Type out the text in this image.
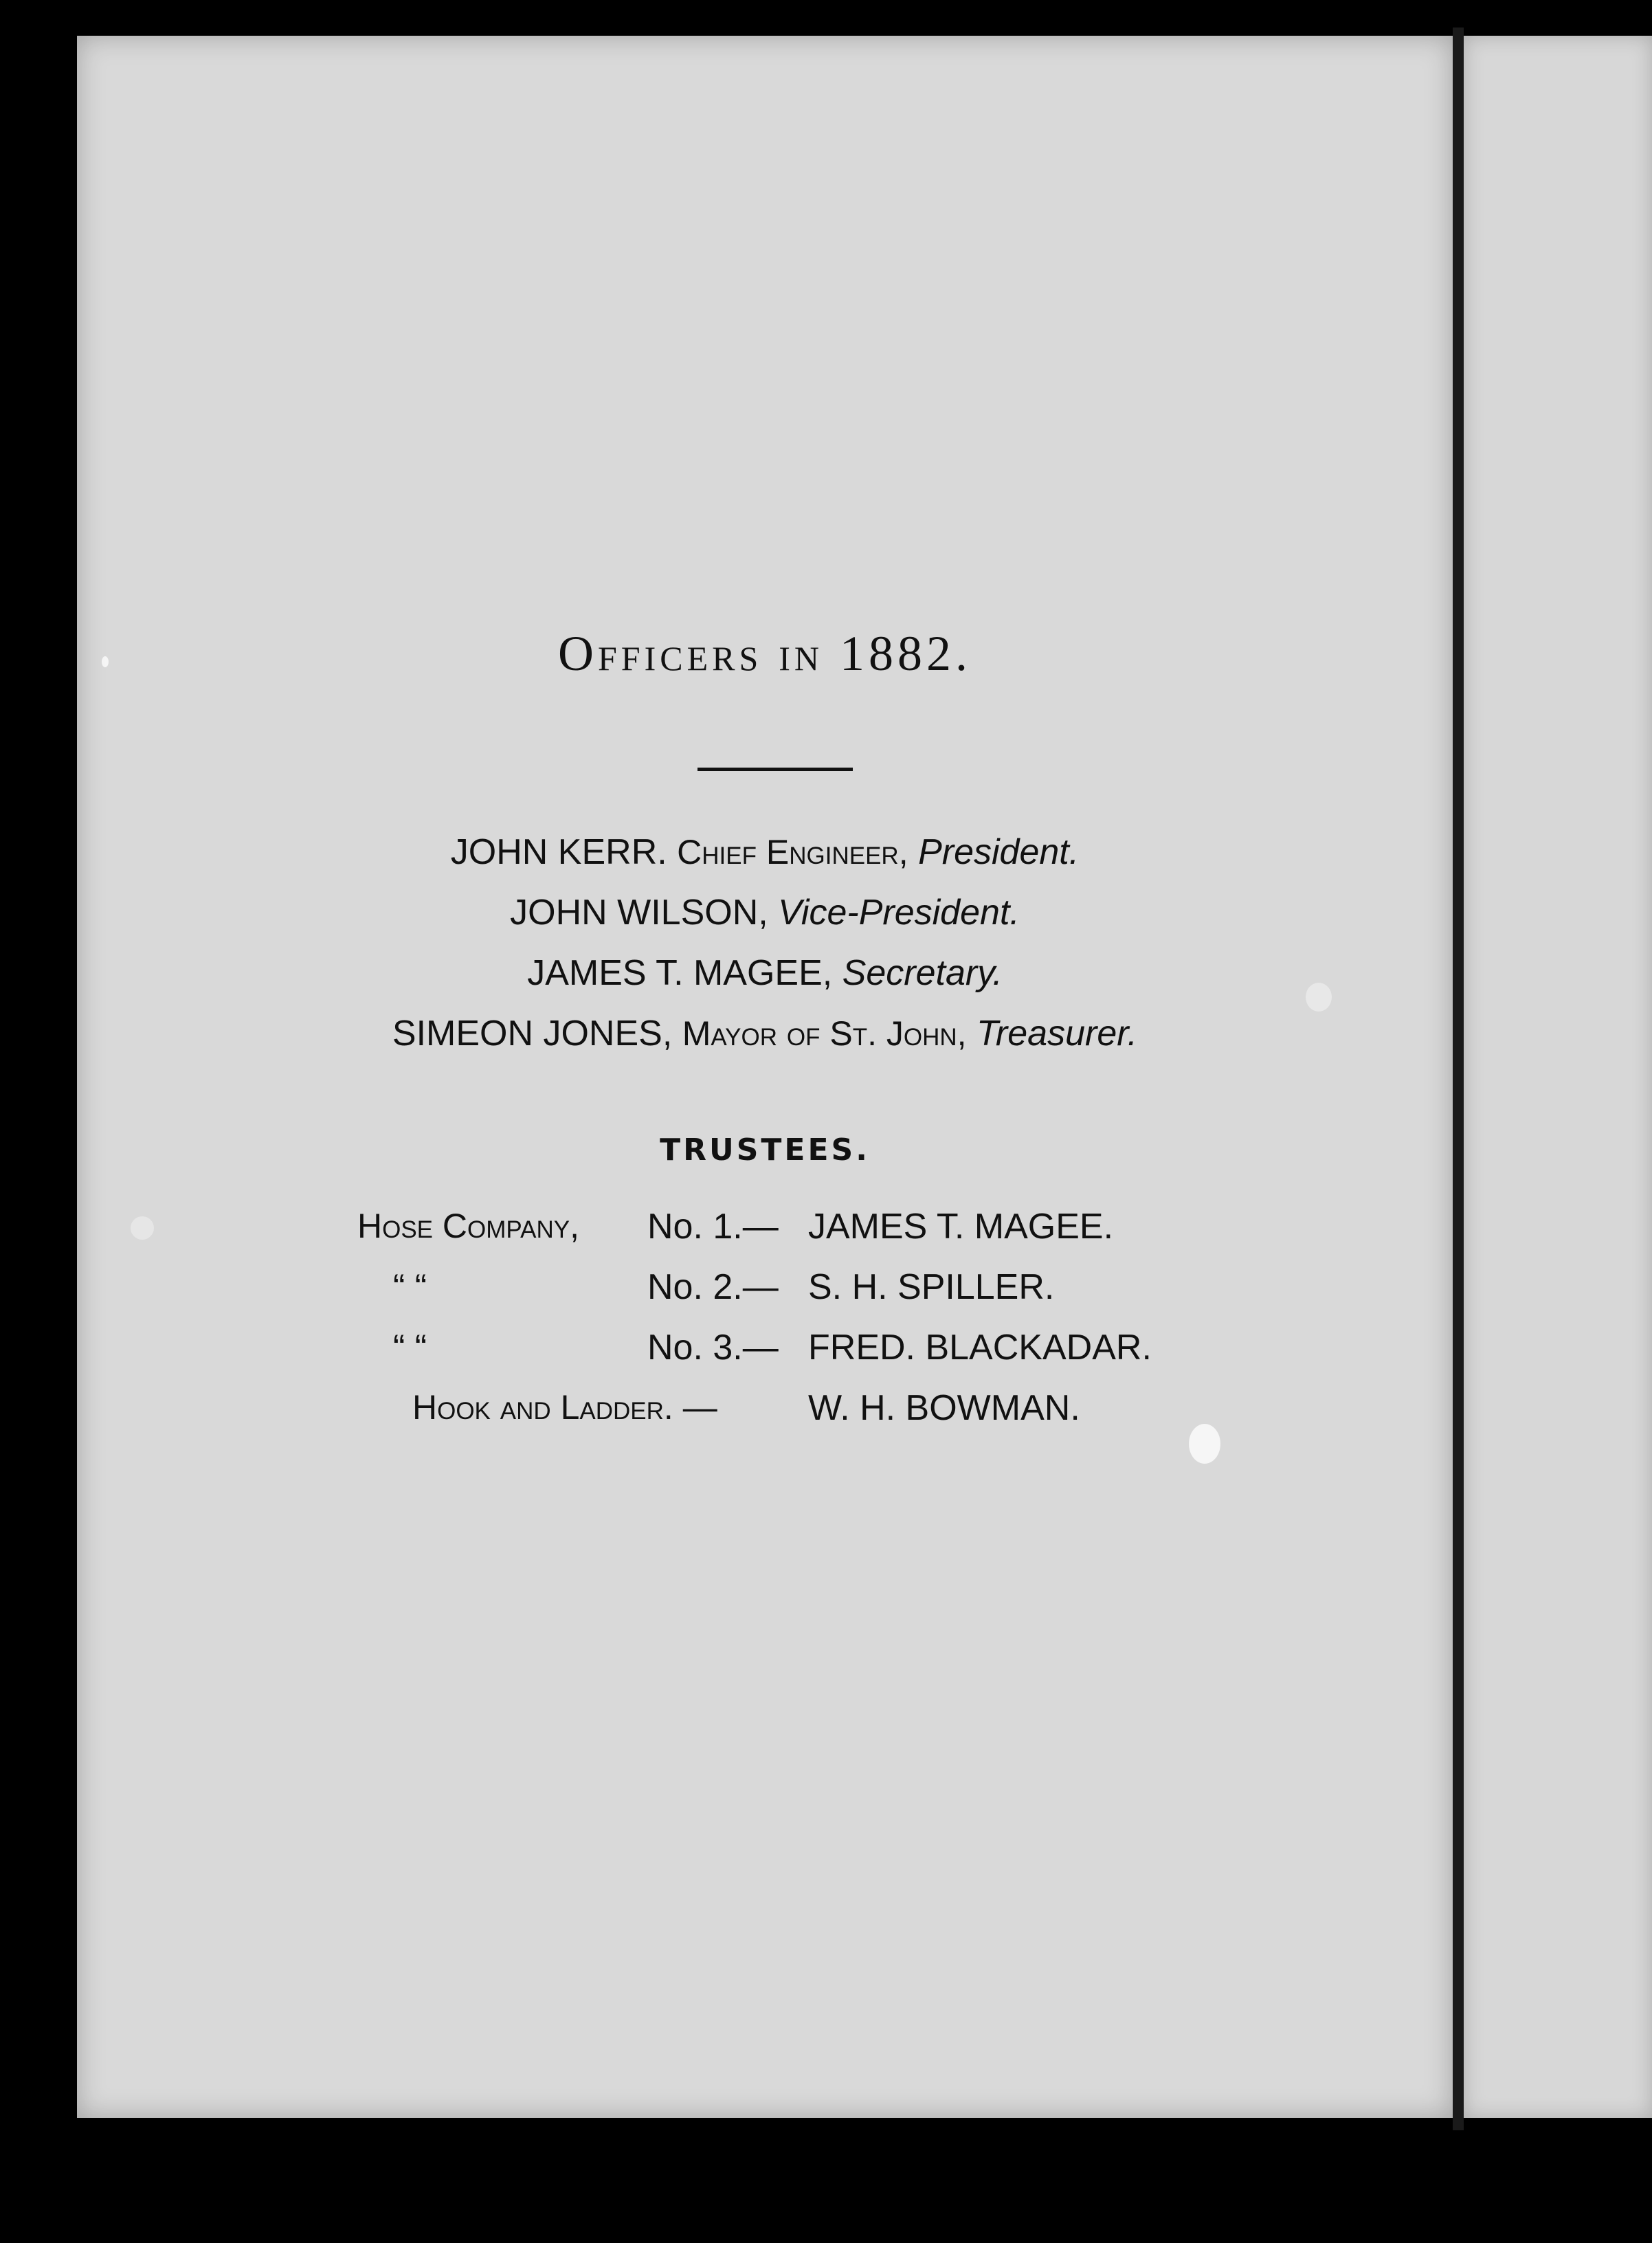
Officers in 1882.
JOHN KERR. Chief Engineer, President.
JOHN WILSON, Vice-President.
JAMES T. MAGEE, Secretary.
SIMEON JONES, Mayor of St. John, Treasurer.
TRUSTEES.
Hose Company, No. 1.— JAMES T. MAGEE.
“ “	No. 2.— S. H. SPILLER.
“ “	No. 3.— FRED. BLACKADAR.
Hook and Ladder. —	W. H. BOWMAN.
